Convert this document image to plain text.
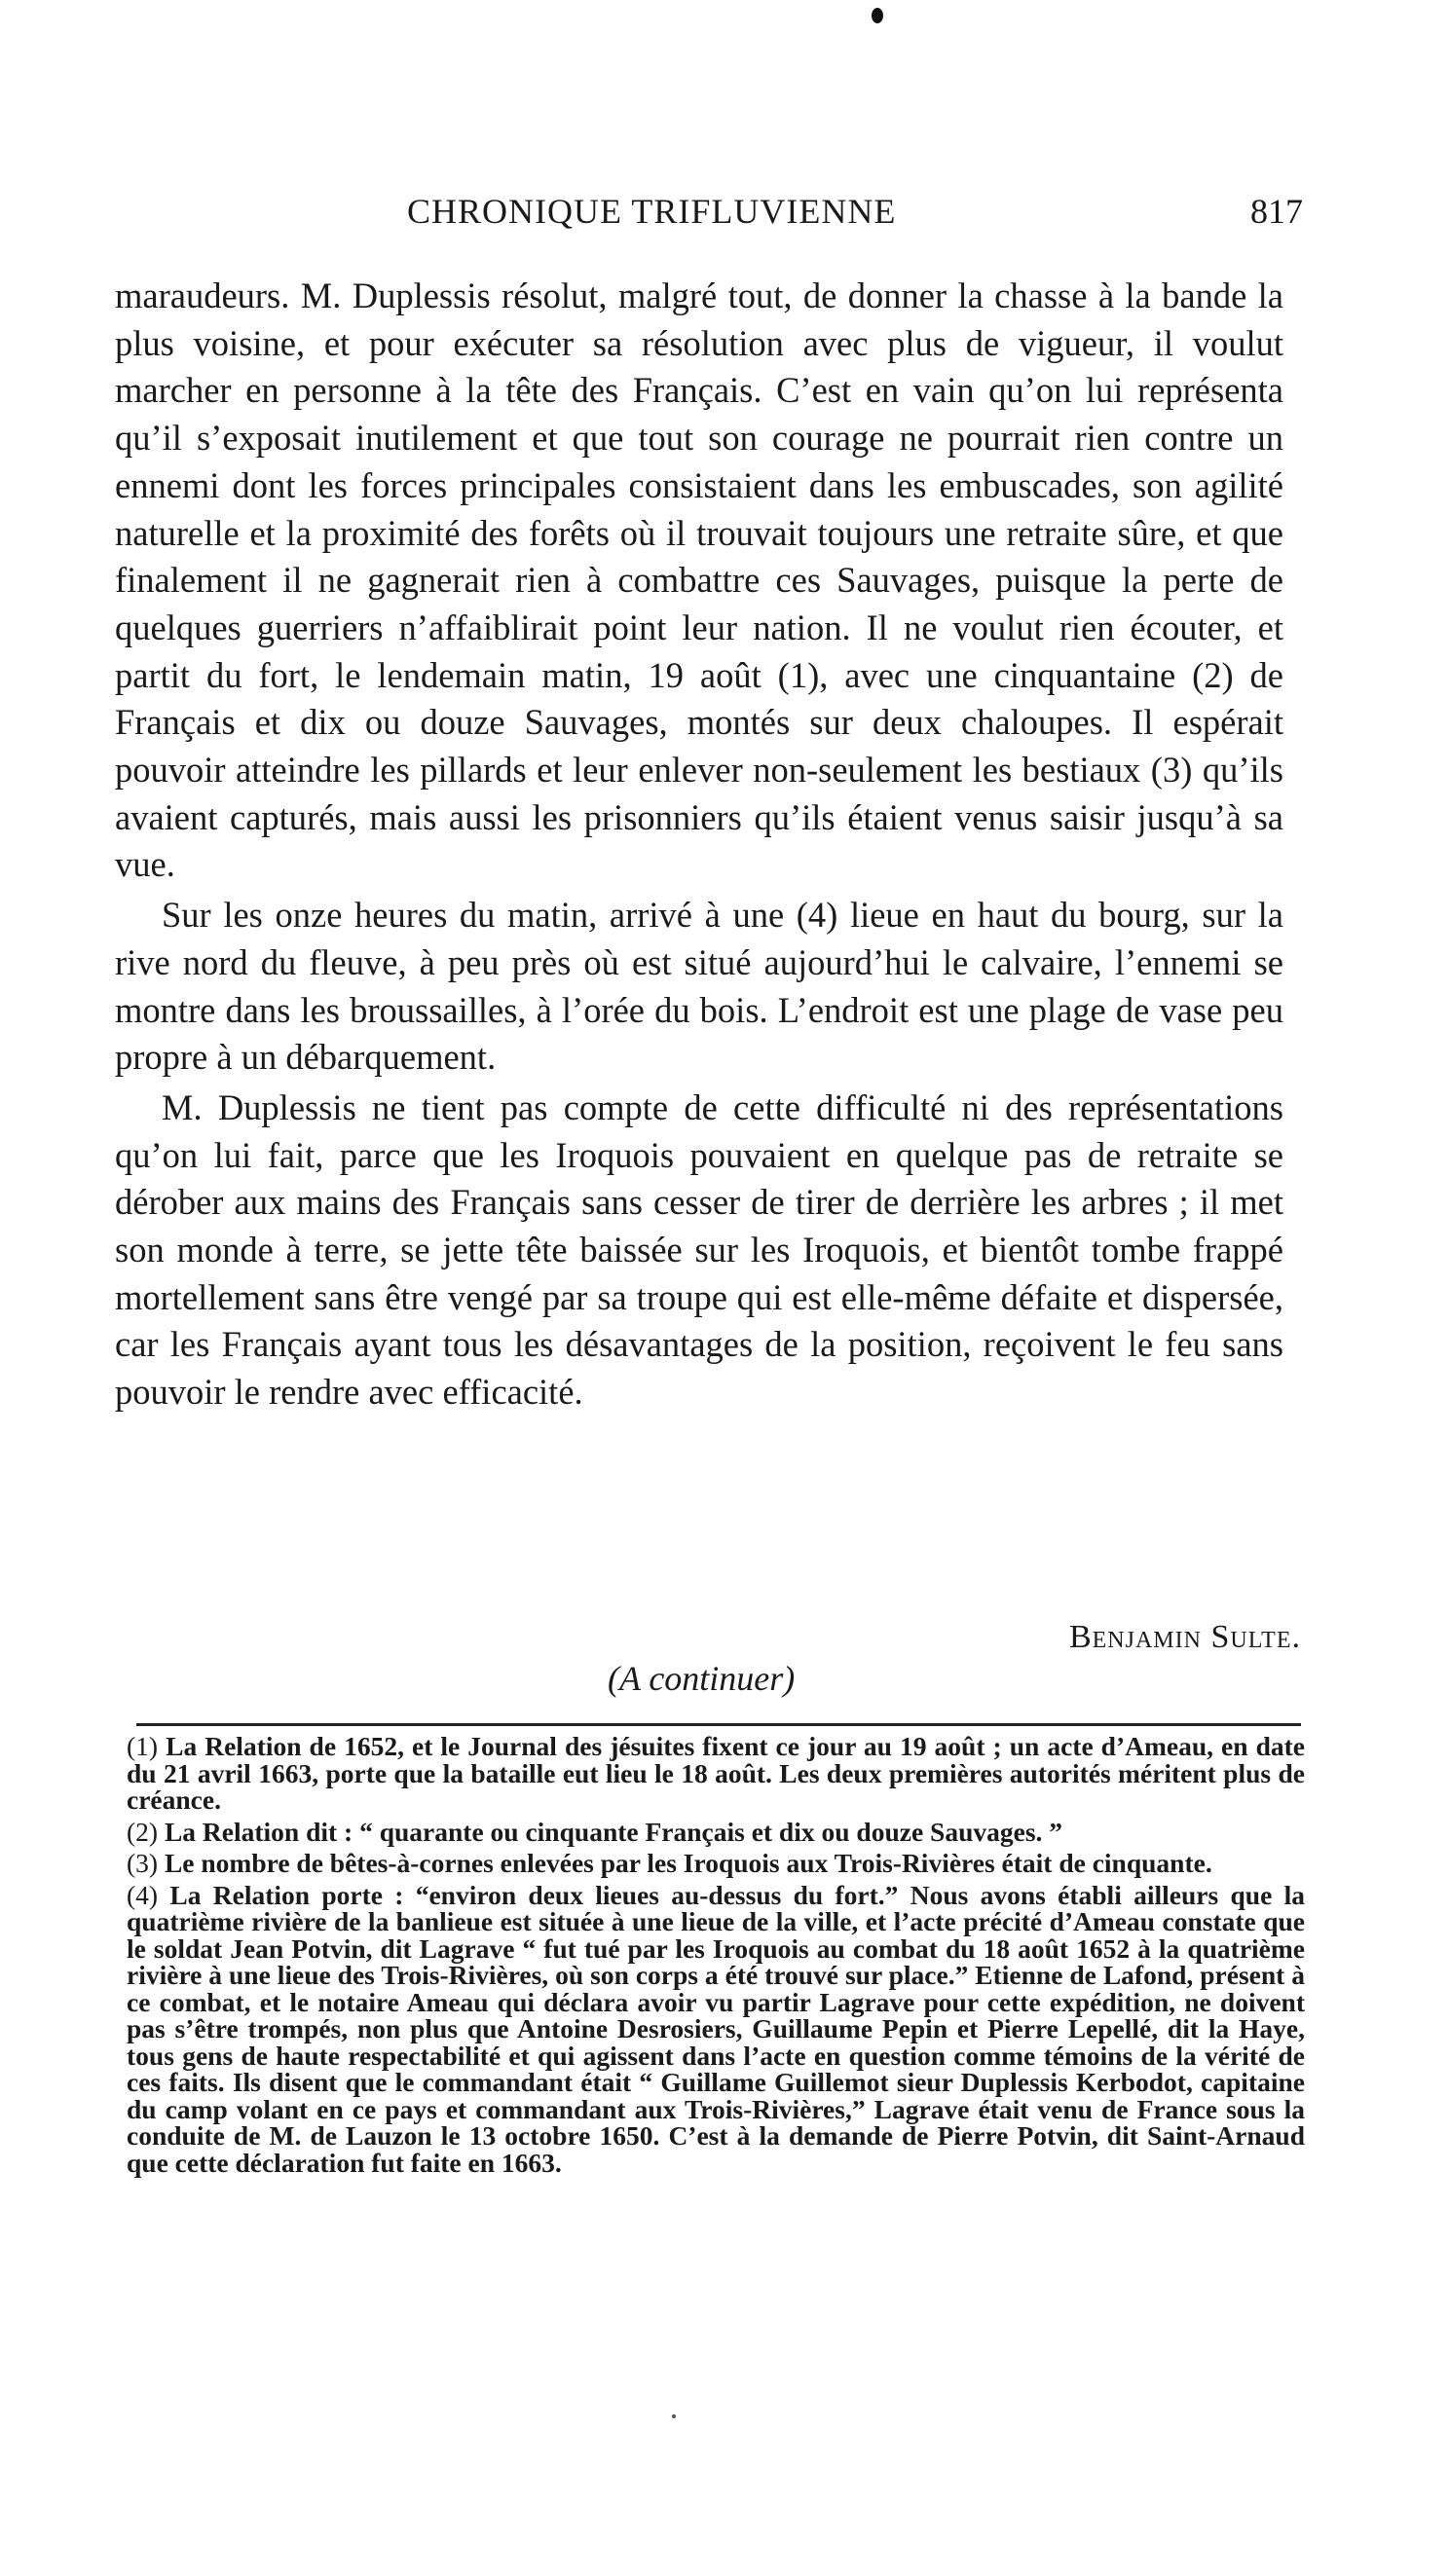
CHRONIQUE TRIFLUVIENNE	817

maraudeurs. M. Duplessis résolut, malgré tout, de donner la chasse à la bande la plus voisine, et pour exécuter sa résolution avec plus de vigueur, il voulut marcher en personne à la tête des Français. C’est en vain qu’on lui représenta qu’il s’exposait inutilement et que tout son courage ne pourrait rien contre un ennemi dont les forces principales consistaient dans les embuscades, son agilité naturelle et la proximité des forêts où il trouvait toujours une retraite sûre, et que finalement il ne gagnerait rien à combattre ces Sauvages, puisque la perte de quelques guerriers n’affaiblirait point leur nation. Il ne voulut rien écouter, et partit du fort, le lendemain matin, 19 août (1), avec une cinquantaine (2) de Français et dix ou douze Sauvages, montés sur deux chaloupes. Il espérait pouvoir atteindre les pillards et leur enlever non-seulement les bestiaux (3) qu’ils avaient capturés, mais aussi les prisonniers qu’ils étaient venus saisir jusqu’à sa vue.

Sur les onze heures du matin, arrivé à une (4) lieue en haut du bourg, sur la rive nord du fleuve, à peu près où est situé aujourd’hui le calvaire, l’ennemi se montre dans les broussailles, à l’orée du bois. L’endroit est une plage de vase peu propre à un débarquement.

M. Duplessis ne tient pas compte de cette difficulté ni des représentations qu’on lui fait, parce que les Iroquois pouvaient en quelque pas de retraite se dérober aux mains des Français sans cesser de tirer de derrière les arbres ; il met son monde à terre, se jette tête baissée sur les Iroquois, et bientôt tombe frappé mortellement sans être vengé par sa troupe qui est elle-même défaite et dispersée, car les Français ayant tous les désavantages de la position, reçoivent le feu sans pouvoir le rendre avec efficacité.

Benjamin Sulte.
(A continuer)

(1) La Relation de 1652, et le Journal des jésuites fixent ce jour au 19 août ; un acte d’Ameau, en date du 21 avril 1663, porte que la bataille eut lieu le 18 août. Les deux premières autorités méritent plus de créance.

(2) La Relation dit : “ quarante ou cinquante Français et dix ou douze Sauvages. ”

(3) Le nombre de bêtes-à-cornes enlevées par les Iroquois aux Trois-Rivières était de cinquante.

(4) La Relation porte : “environ deux lieues au-dessus du fort.” Nous avons établi ailleurs que la quatrième rivière de la banlieue est située à une lieue de la ville, et l’acte précité d’Ameau constate que le soldat Jean Potvin, dit Lagrave “ fut tué par les Iroquois au combat du 18 août 1652 à la quatrième rivière à une lieue des Trois-Rivières, où son corps a été trouvé sur place.” Etienne de Lafond, présent à ce combat, et le notaire Ameau qui déclara avoir vu partir Lagrave pour cette expédition, ne doivent pas s’être trompés, non plus que Antoine Desrosiers, Guillaume Pepin et Pierre Lepellé, dit la Haye, tous gens de haute respectabilité et qui agissent dans l’acte en question comme témoins de la vérité de ces faits. Ils disent que le commandant était “ Guillame Guillemot sieur Duplessis Kerbodot, capitaine du camp volant en ce pays et commandant aux Trois-Rivières,” Lagrave était venu de France sous la conduite de M. de Lauzon le 13 octobre 1650. C’est à la demande de Pierre Potvin, dit Saint-Arnaud que cette déclaration fut faite en 1663.
